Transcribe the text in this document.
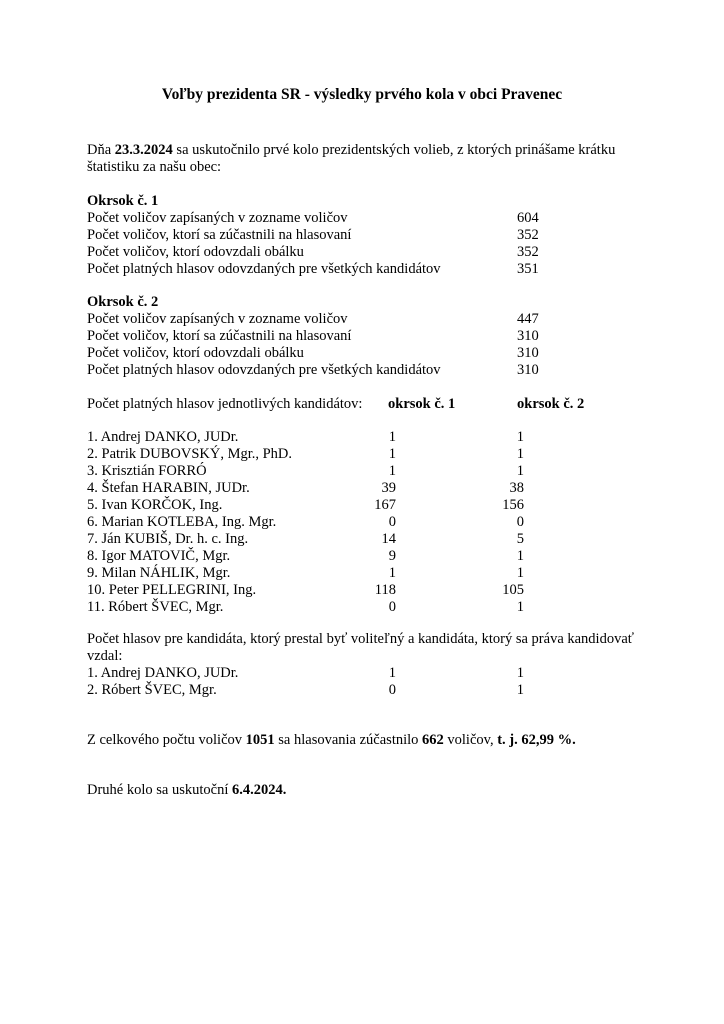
Voľby prezidenta SR - výsledky prvého kola v obci Pravenec
Dňa 23.3.2024 sa uskutočnilo prvé kolo prezidentských volieb, z ktorých prinášame krátku
štatistiku za našu obec:
Okrsok č. 1
Počet voličov zapísaných v zozname voličov	604
Počet voličov, ktorí sa zúčastnili na hlasovaní	352
Počet voličov, ktorí odovzdali obálku	352
Počet platných hlasov odovzdaných pre všetkých kandidátov	351
Okrsok č. 2
Počet voličov zapísaných v zozname voličov	447
Počet voličov, ktorí sa zúčastnili na hlasovaní	310
Počet voličov, ktorí odovzdali obálku	310
Počet platných hlasov odovzdaných pre všetkých kandidátov	310
Počet platných hlasov jednotlivých kandidátov: okrsok č. 1	okrsok č. 2
1. Andrej DANKO, JUDr.	1	1
2. Patrik DUBOVSKÝ, Mgr., PhD.	1	1
3. Krisztián FORRÓ	1	1
4. Štefan HARABIN, JUDr.	39	38
5. Ivan KORČOK, Ing.	167	156
6. Marian KOTLEBA, Ing. Mgr.	0	0
7. Ján KUBIŠ, Dr. h. c. Ing.	14	5
8. Igor MATOVIČ, Mgr.	9	1
9. Milan NÁHLIK, Mgr.	1	1
10. Peter PELLEGRINI, Ing.	118	105
11. Róbert ŠVEC, Mgr.	0	1
Počet hlasov pre kandidáta, ktorý prestal byť voliteľný a kandidáta, ktorý sa práva kandidovať
vzdal:
1. Andrej DANKO, JUDr.	1	1
2. Róbert ŠVEC, Mgr.	0	1
Z celkového počtu voličov 1051 sa hlasovania zúčastnilo 662 voličov, t. j. 62,99 %.
Druhé kolo sa uskutoční 6.4.2024.
